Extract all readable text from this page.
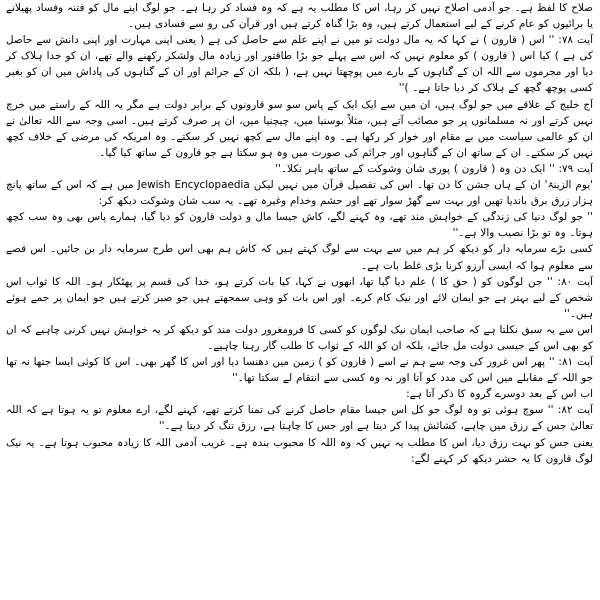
صلاح کا لفظ ہے۔ جو آدمی اصلاح نہیں کر رہا، اس کا مطلب یہ ہے کہ وہ فساد کر رہا ہے۔ جو لوگ اپنے مال کو فتنہ وفساد پھیلانے یا برائیوں کو عام کرنے کے لیے استعمال کرتے ہیں، وہ بڑا گناہ کرتے ہیں اور قرآن کی رو سے فسادی ہیں۔

آیت ۷۸: '' اس ( قارون ) نے کہا کہ یہ مال دولت تو میں نے اپنے علم سے حاصل کی ہے ( یعنی اپنی مہارت اور اپنی دانش سے حاصل کی ہے ) کیا اس ( قارون ) کو معلوم نہیں کہ اس سے پہلے جو بڑا طاقتور اور زیادہ مال ولشکر رکھنے والے تھے، ان کو خدا ہلاک کر دیا اور مجرموں سے اللہ ان کے گناہوں کے بارے میں پوچھتا نہیں ہے، ( بلکہ ان کے جرائم اور ان کے گناہوں کی پاداش میں ان کو بغیر کسی پوچھ گچھ کے ہلاک کر دیا جاتا ہے۔ )''

آج خلیج کے علاقے میں جو لوگ ہیں، ان میں سے ایک ایک کے پاس سو سو قارونوں کے برابر دولت ہے مگر یہ اللہ کے راستے میں خرچ نہیں کرتے اور نہ مسلمانوں پر جو مصائب آتے ہیں، مثلاً بوسنیا میں، چیچنیا میں، ان پر صرف کرتے ہیں۔ اسی وجہ سے اللہ تعالیٰ نے ان کو عالمی سیاست میں بے مقام اور خوار کر رکھا ہے۔ وہ اپنے مال سے کچھ نہیں کر سکتے۔ وہ امریکہ کی مرضی کے خلاف کچھ نہیں کر سکتے۔ ان کے ساتھ ان کے گناہوں اور جرائم کی صورت میں وہ ہو سکتا ہے جو قارون کے ساتھ کیا گیا۔

آیت ۷۹: '' ایک دن وہ ( قارون ) پوری شان وشوکت کے ساتھ باہر نکلا۔''

'یوم الزینۃ' ان کے ہاں جشن کا دن تھا۔ اس کی تفصیل قرآن میں نہیں لیکن Jewish Encyclopaedia میں ہے کہ اس کے ساتھ پانچ ہزار زرق برق بانديا تھیں اور بہت سے گھڑ سوار تھے اور حشم وخدام وغیرہ تھے۔ یہ سب شان وشوکت دیکھ کر:

'' جو لوگ دنیا کی زندگی کے خواہش مند تھے، وہ کہنے لگے، کاش جیسا مال و دولت قارون کو دیا گیا، ہمارے پاس بھی وہ سب کچھ ہوتا۔ وہ تو بڑا نصیب والا ہے۔''

کسی بڑے سرمایہ دار کو دیکھ کر ہم میں سے بہت سے لوگ کہتے ہیں کہ کاش ہم بھی اس طرح سرمایہ دار بن جائیں۔ اس قصے سے معلوم ہوا کہ ایسی آرزو کرنا بڑی غلط بات ہے۔

آیت ۸۰: '' جن لوگوں کو ( حق کا ) علم دیا گیا تھا، انھوں نے کہا، کیا بات کرتے ہو، خدا کی قسم پر پھٹکار ہو۔ اللہ کا ثواب اس شخص کے لیے بہتر ہے جو ایمان لائے اور نیک کام کرے۔ اور اس بات کو وہی سمجھتے ہیں جو صبر کرتے ہیں جو ایمان پر جمے ہوئے ہیں۔''

اس سے یہ سبق نکلتا ہے کہ صاحب ایمان نیک لوگوں کو کسی کا فرومغرور دولت مند کو دیکھ کر یہ خواہش نہیں کرنی چاہیے کہ ان کو بھی اس کے جیسی دولت مل جائے، بلکہ ان کو اللہ کے ثواب کا طلب گار رہنا چاہیے۔

آیت ۸۱: '' پھر اس غرور کی وجہ سے ہم نے اسے ( قارون کو ) زمین میں دھنسا دیا اور اس کا گھر بھی۔ اس کا کوئی ایسا جتھا نہ تھا جو اللہ کے مقابلے میں اس کی مدد کو آتا اور نہ وہ کسی سے انتقام لے سکتا تھا۔''

اب اس کے بعد دوسرے گروہ کا ذکر آتا ہے:

آیت ۸۲: '' سوچ ہوئی تو وہ لوگ جو کل اس جیسا مقام حاصل کرنے کی تمنا کرتے تھے، کہنے لگے، ارے معلوم تو یہ ہوتا ہے کہ اللہ تعالیٰ جس کے رزق میں چاہے، کشائش پیدا کر دیتا ہے اور جس کا چاہتا ہے، رزق تنگ کر دیتا ہے۔''

یعنی جس کو بہت رزق دیا، اس کا مطلب یہ نہیں کہ وہ اللہ کا محبوب بندہ ہے۔ غریب آدمی اللہ کا زیادہ محبوب ہوتا ہے۔ یہ نیک لوگ قارون کا یہ حشر دیکھ کر کہنے لگے:
